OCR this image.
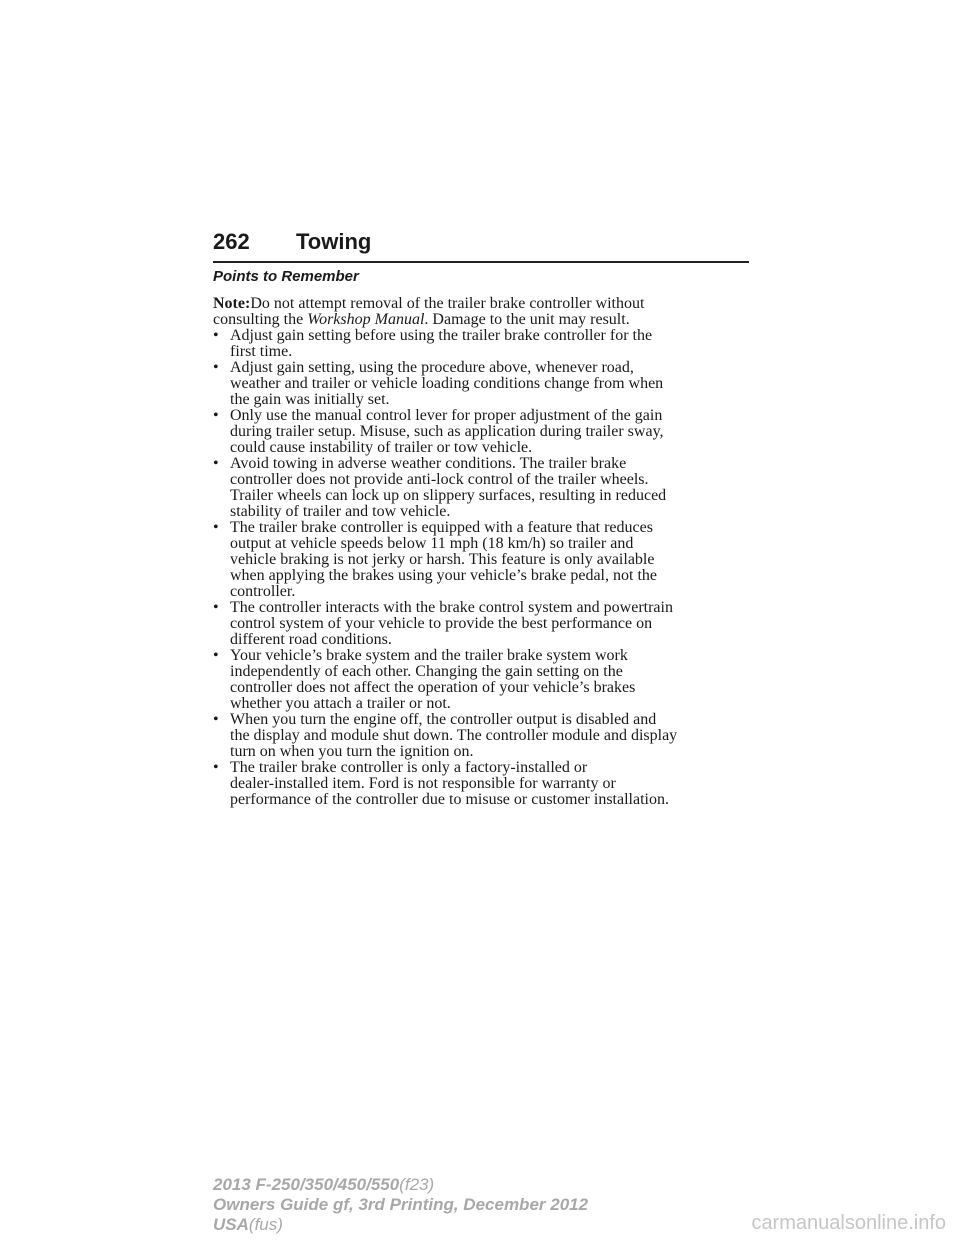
262 Towing
Points to Remember

Note:Do not attempt removal of the trailer brake controller without
consulting the Workshop Manual. Damage to the unit may result.

• Adjust gain setting before using the trailer brake controller for the
first time.
• Adjust gain setting, using the procedure above, whenever road,
weather and trailer or vehicle loading conditions change from when
the gain was initially set.
• Only use the manual control lever for proper adjustment of the gain
during trailer setup. Misuse, such as application during trailer sway,
could cause instability of trailer or tow vehicle.
• Avoid towing in adverse weather conditions. The trailer brake
controller does not provide anti-lock control of the trailer wheels.
Trailer wheels can lock up on slippery surfaces, resulting in reduced
stability of trailer and tow vehicle.
• The trailer brake controller is equipped with a feature that reduces
output at vehicle speeds below 11 mph (18 km/h) so trailer and
vehicle braking is not jerky or harsh. This feature is only available
when applying the brakes using your vehicle’s brake pedal, not the
controller.
• The controller interacts with the brake control system and powertrain
control system of your vehicle to provide the best performance on
different road conditions.
• Your vehicle’s brake system and the trailer brake system work
independently of each other. Changing the gain setting on the
controller does not affect the operation of your vehicle’s brakes
whether you attach a trailer or not.
• When you turn the engine off, the controller output is disabled and
the display and module shut down. The controller module and display
turn on when you turn the ignition on.
• The trailer brake controller is only a factory-installed or
dealer-installed item. Ford is not responsible for warranty or
performance of the controller due to misuse or customer installation.
2013 F-250/350/450/550(f23)
Owners Guide gf, 3rd Printing, December 2012
USA(fus)	carmanualsonline.info
